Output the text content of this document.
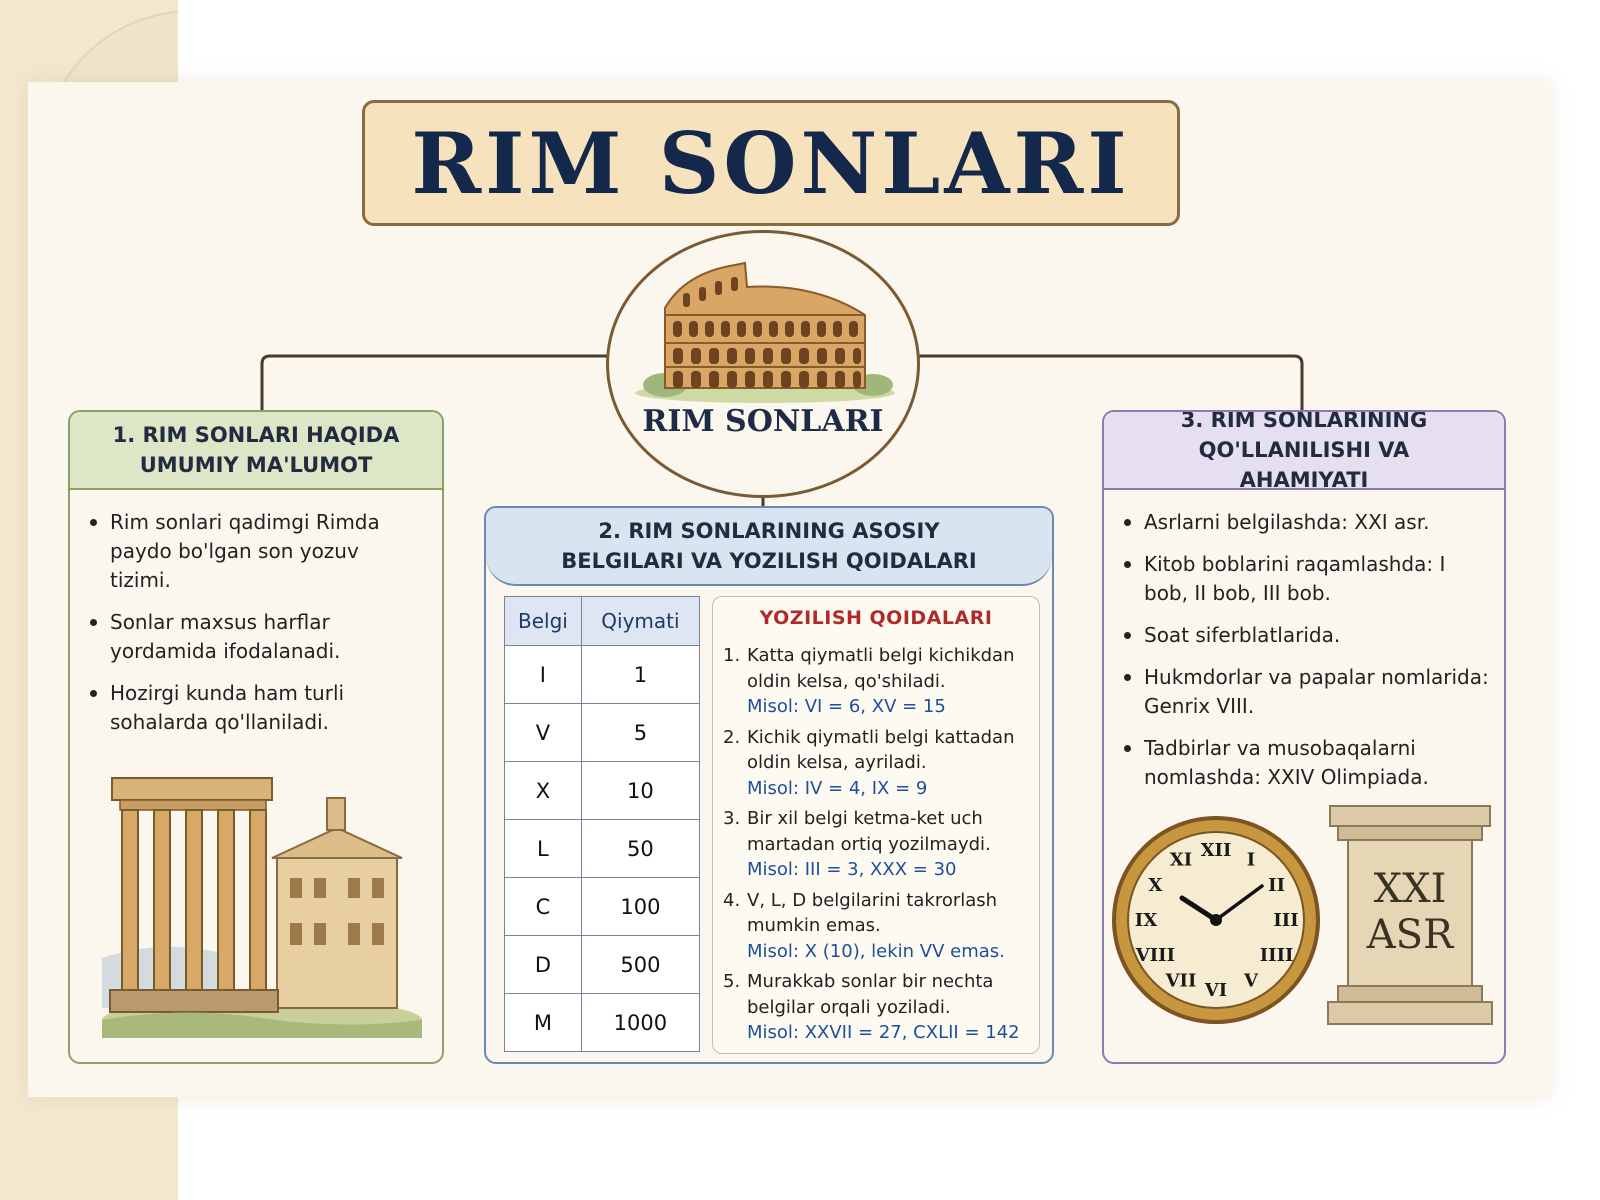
RIM SONLARI
RIM SONLARI
1. RIM SONLARI HAQIDA UMUMIY MA'LUMOT
Rim sonlari qadimgi Rimda paydo bo'lgan son yozuv tizimi.
Sonlar maxsus harflar yordamida ifodalanadi.
Hozirgi kunda ham turli sohalarda qo'llaniladi.
2. RIM SONLARINING ASOSIY BELGILARI VA YOZILISH QOIDALARI
Belgi	Qiymati
I	1
V	5
X	10
L	50
C	100
D	500
M	1000
YOZILISH QOIDALARI
1. Katta qiymatli belgi kichikdan oldin kelsa, qo'shiladi.
Misol: VI = 6, XV = 15
2. Kichik qiymatli belgi kattadan oldin kelsa, ayriladi.
Misol: IV = 4, IX = 9
3. Bir xil belgi ketma-ket uch martadan ortiq yozilmaydi.
Misol: III = 3, XXX = 30
4. V, L, D belgilarini takrorlash mumkin emas.
Misol: X (10), lekin VV emas.
5. Murakkab sonlar bir nechta belgilar orqali yoziladi.
Misol: XXVII = 27, CXLII = 142
3. RIM SONLARINING QO'LLANILISHI VA AHAMIYATI
Asrlarni belgilashda: XXI asr.
Kitob boblarini raqamlashda: I bob, II bob, III bob.
Soat siferblatlarida.
Hukmdorlar va papalar nomlarida: Genrix VIII.
Tadbirlar va musobaqalarni nomlashda: XXIV Olimpiada.
XII I
II
III
IIII
V
VI
VII
VIII
IX
X
XI
XXI
ASR
